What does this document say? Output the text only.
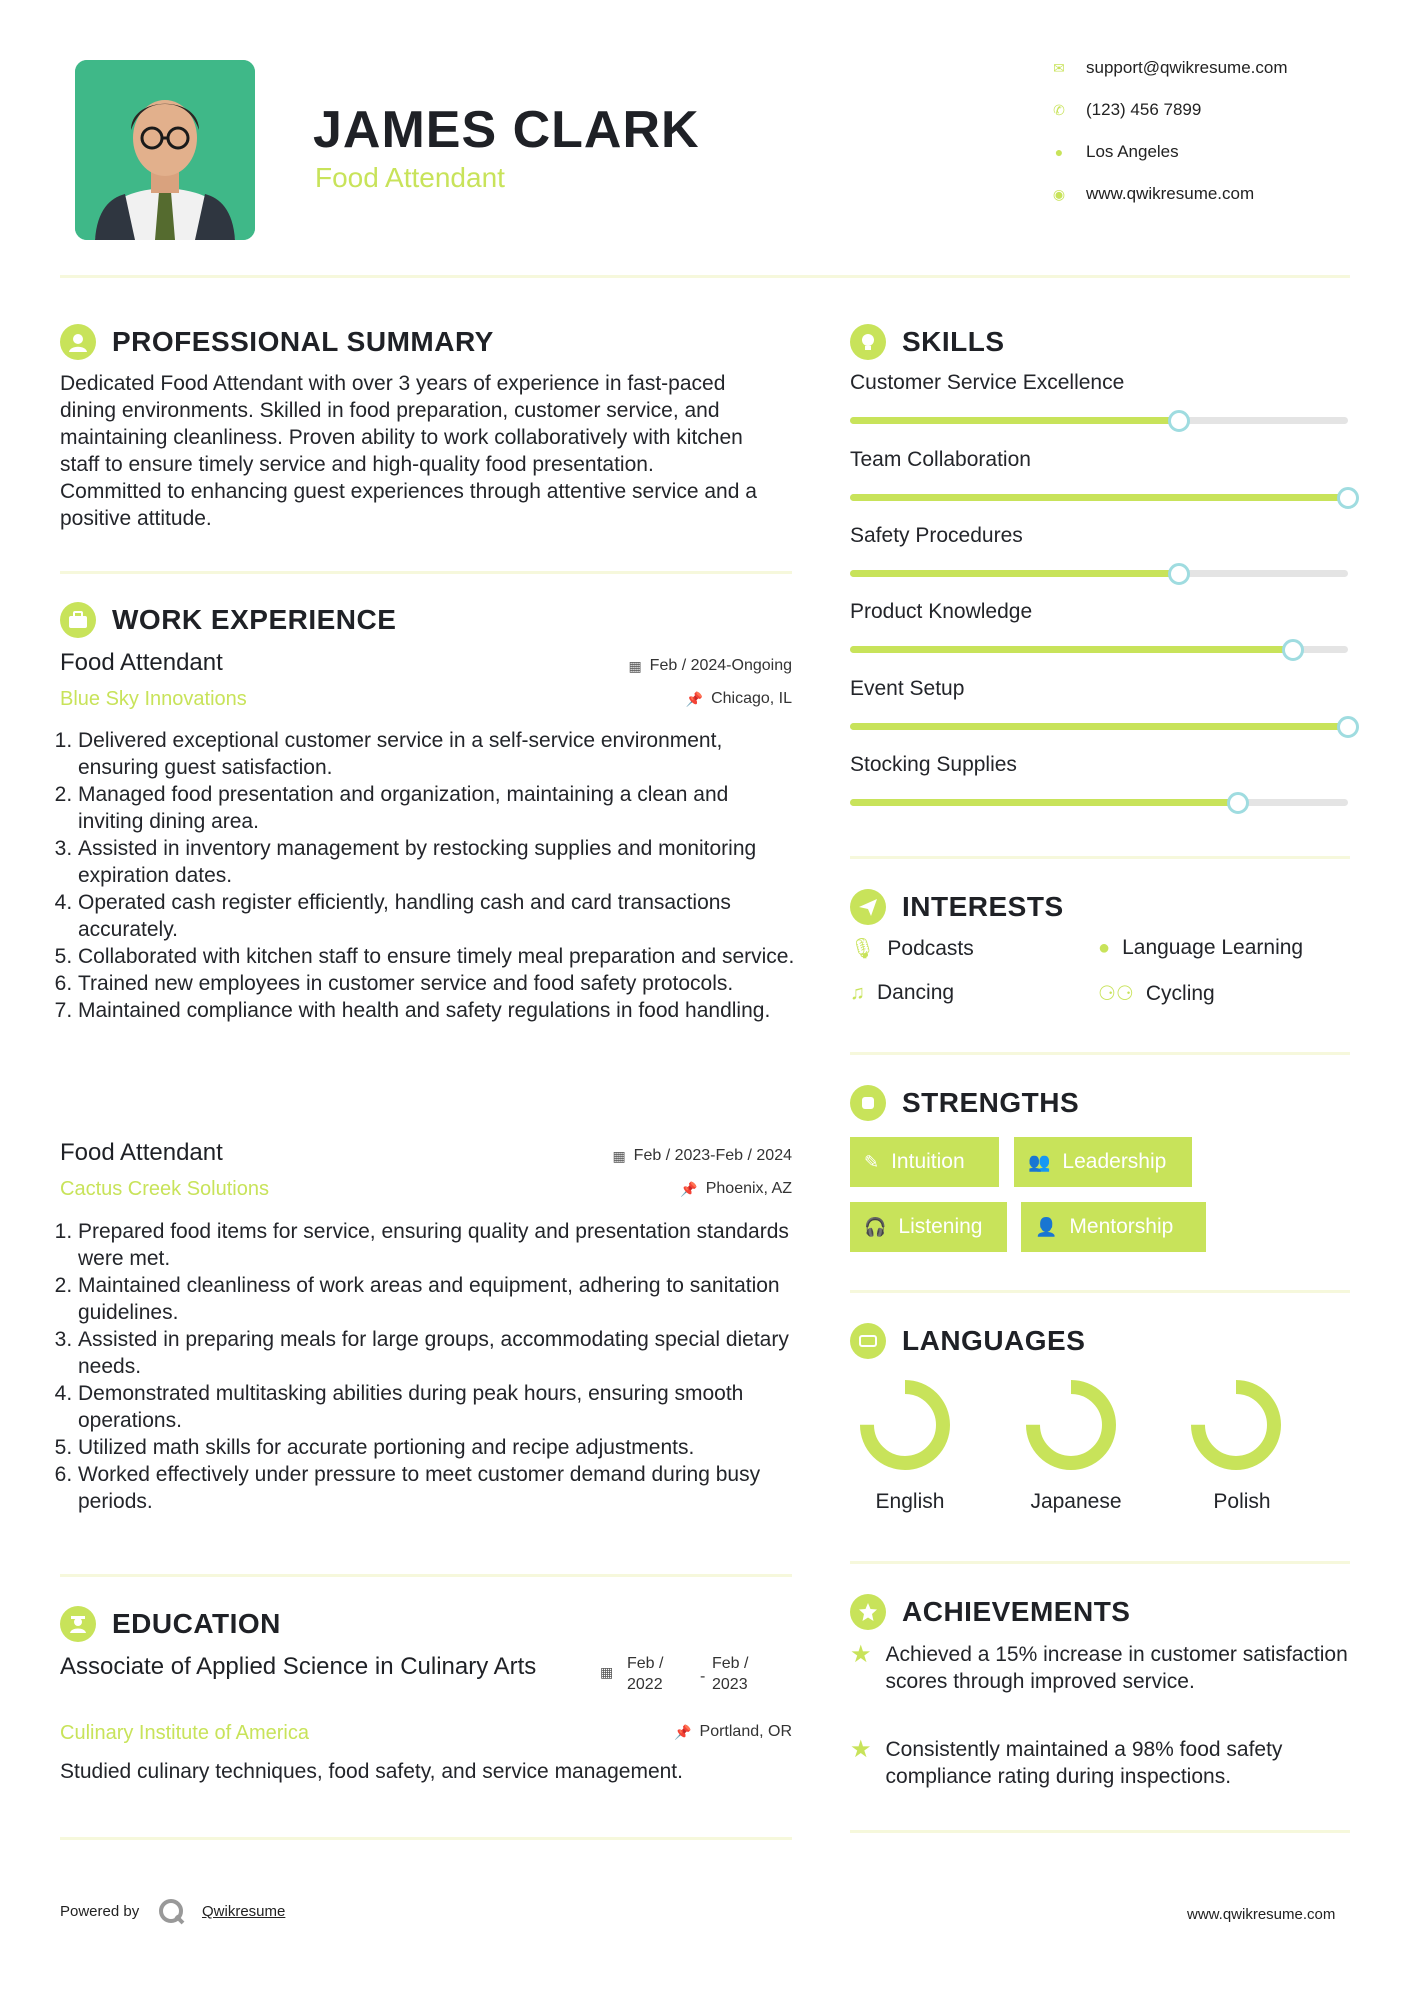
JAMES CLARK
Food Attendant
✉ support@qwikresume.com
✆ (123) 456 7899
● Los Angeles
◉ www.qwikresume.com
PROFESSIONAL SUMMARY
Dedicated Food Attendant with over 3 years of experience in fast-paced dining environments. Skilled in food preparation, customer service, and maintaining cleanliness. Proven ability to work collaboratively with kitchen staff to ensure timely service and high-quality food presentation. Committed to enhancing guest experiences through attentive service and a positive attitude.
WORK EXPERIENCE
Food Attendant	▦ Feb / 2024-Ongoing
Blue Sky Innovations	📌 Chicago, IL
1. Delivered exceptional customer service in a self-service environment, ensuring guest satisfaction.
2. Managed food presentation and organization, maintaining a clean and inviting dining area.
3. Assisted in inventory management by restocking supplies and monitoring expiration dates.
4. Operated cash register efficiently, handling cash and card transactions accurately.
5. Collaborated with kitchen staff to ensure timely meal preparation and service.
6. Trained new employees in customer service and food safety protocols.
7. Maintained compliance with health and safety regulations in food handling.
Food Attendant	▦ Feb / 2023-Feb / 2024
Cactus Creek Solutions	📌 Phoenix, AZ
1. Prepared food items for service, ensuring quality and presentation standards were met.
2. Maintained cleanliness of work areas and equipment, adhering to sanitation guidelines.
3. Assisted in preparing meals for large groups, accommodating special dietary needs.
4. Demonstrated multitasking abilities during peak hours, ensuring smooth operations.
5. Utilized math skills for accurate portioning and recipe adjustments.
6. Worked effectively under pressure to meet customer demand during busy periods.
EDUCATION
Associate of Applied Science in Culinary Arts	▦ Feb / 2022	-
Feb / 2023
Culinary Institute of America	📌 Portland, OR
Studied culinary techniques, food safety, and service management.
SKILLS
Customer Service Excellence
Team Collaboration
Safety Procedures
Product Knowledge
Event Setup
Stocking Supplies
INTERESTS
🎙 Podcasts	● Language Learning
♫ Dancing	⚆⚆ Cycling
STRENGTHS
✎ Intuition	👥 Leadership
🎧 Listening	👤 Mentorship
LANGUAGES
English	Japanese	Polish
ACHIEVEMENTS
★ Achieved a 15% increase in customer satisfaction scores through improved service.
★ Consistently maintained a 98% food safety compliance rating during inspections.
Powered by	Qwikresume	www.qwikresume.com
